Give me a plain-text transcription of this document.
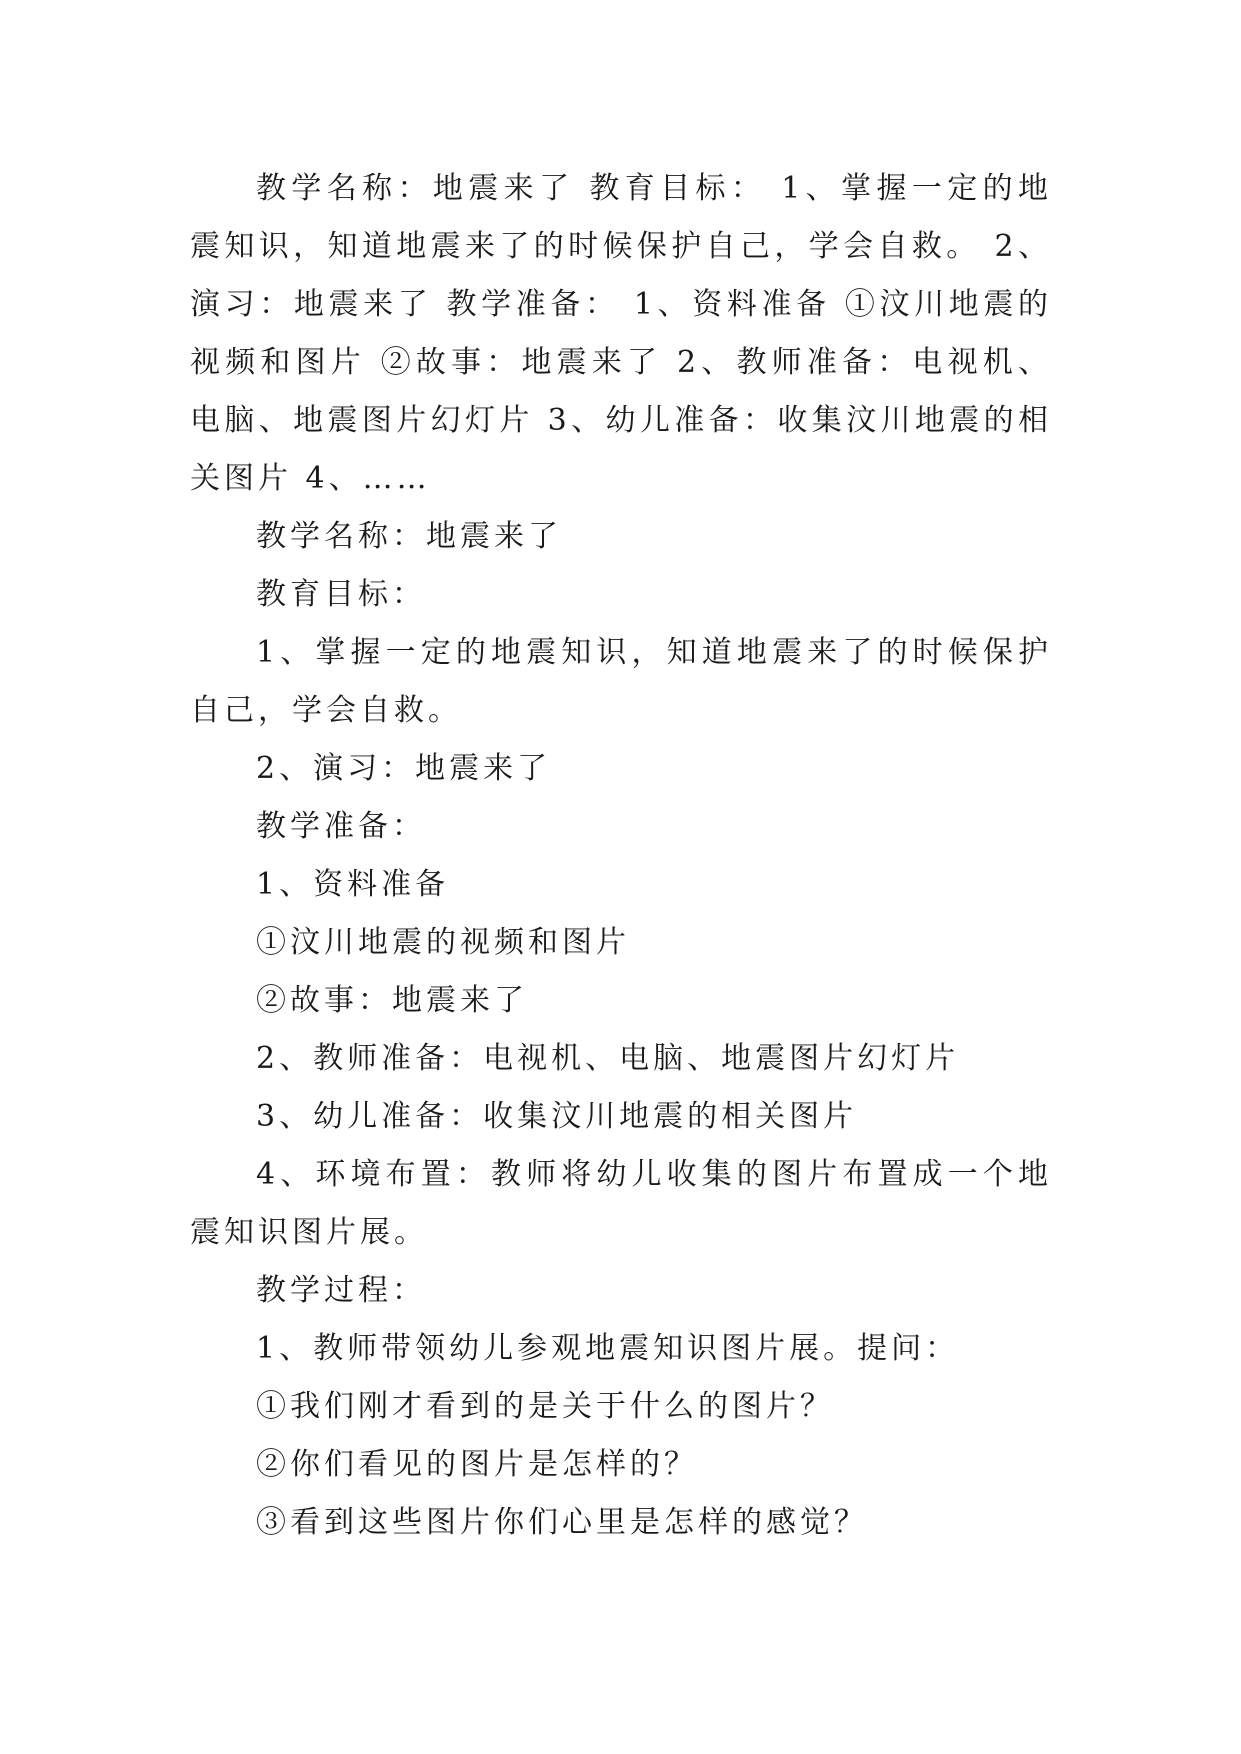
教学名称：地震来了 教育目标： 1、掌握一定的地震知识，知道地震来了的时候保护自己，学会自救。 2、演习：地震来了 教学准备： 1、资料准备 ①汶川地震的视频和图片 ②故事：地震来了 2、教师准备：电视机、电脑、地震图片幻灯片 3、幼儿准备：收集汶川地震的相关图片 4、……

教学名称：地震来了

教育目标：

1、掌握一定的地震知识，知道地震来了的时候保护自己，学会自救。

2、演习：地震来了

教学准备：

1、资料准备

①汶川地震的视频和图片

②故事：地震来了

2、教师准备：电视机、电脑、地震图片幻灯片

3、幼儿准备：收集汶川地震的相关图片

4、环境布置：教师将幼儿收集的图片布置成一个地震知识图片展。

教学过程：

1、教师带领幼儿参观地震知识图片展。提问：

①我们刚才看到的是关于什么的图片？

②你们看见的图片是怎样的？

③看到这些图片你们心里是怎样的感觉？
